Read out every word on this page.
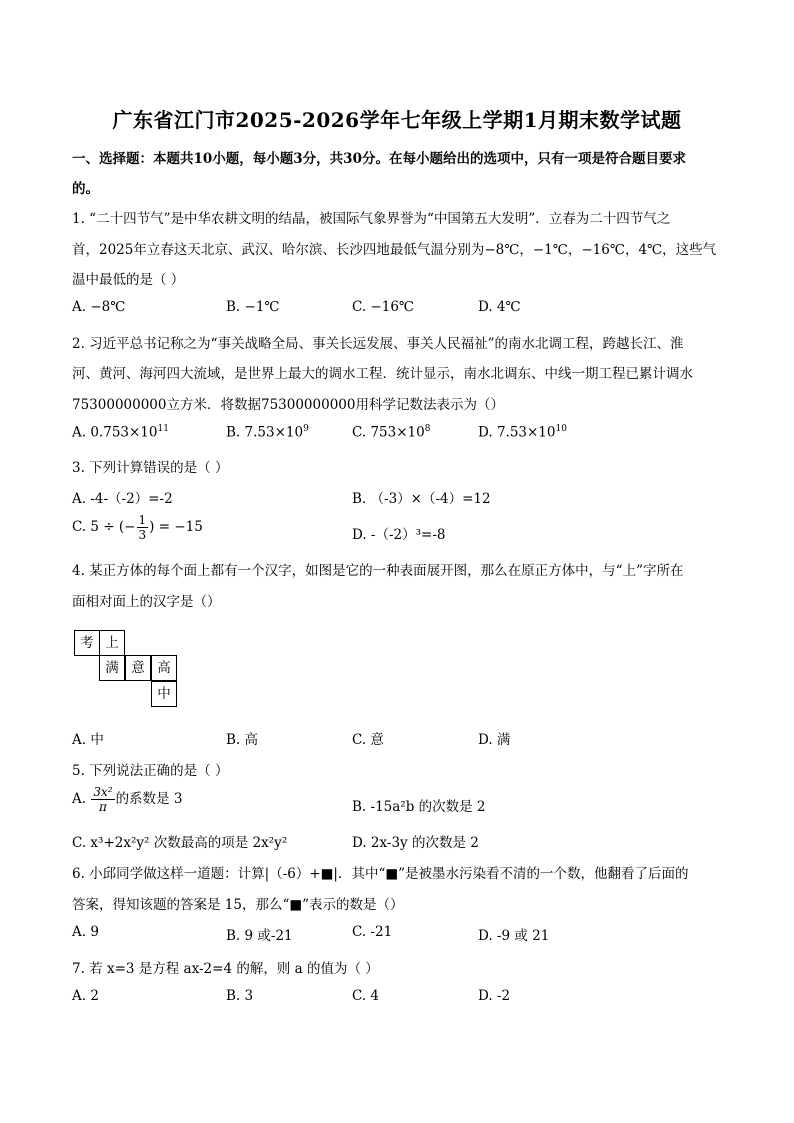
广东省江门市2025-2026学年七年级上学期1月期末数学试题
一、选择题：本题共10小题，每小题3分，共30分。在每小题给出的选项中，只有一项是符合题目要求
的。
1. “二十四节气”是中华农耕文明的结晶，被国际气象界誉为“中国第五大发明”．立春为二十四节气之
首，2025年立春这天北京、武汉、哈尔滨、长沙四地最低气温分别为−8℃，−1℃，−16℃，4℃，这些气
温中最低的是（ ）
A. −8℃	B. −1℃	C. −16℃	D. 4℃
2. 习近平总书记称之为“事关战略全局、事关长远发展、事关人民福祉”的南水北调工程，跨越长江、淮
河、黄河、海河四大流域，是世界上最大的调水工程．统计显示，南水北调东、中线一期工程已累计调水
75300000000立方米．将数据75300000000用科学记数法表示为（）
A. $0.753\times 10^{11}$	B. $7.53\times 10^9$	C. $753\times 10^8$	D. $7.53\times 10^{10}$
3. 下列计算错误的是（ ）
A. -4-（-2）=-2	B. （-3）×（-4）=12
C. 5 ÷ (− $\frac{1}{3}$ ) = −15	D. -（-2）³=-8
4. 某正方体的每个面上都有一个汉字，如图是它的一种表面展开图，那么在原正方体中，与“上”字所在
面相对面上的汉字是（）
考 上
满 意 高
中
A. 中	B. 高	C. 意	D. 满
5. 下列说法正确的是（ ）
A. $\frac{\text{3x²}}{\pi}$ 的系数是 3	B. -15a²b 的次数是 2
C. x³+2x²y² 次数最高的项是 2x²y²	D. 2x-3y 的次数是 2
6. 小邱同学做这样一道题：计算|（-6）+■|．其中“■”是被墨水污染看不清的一个数，他翻看了后面的
答案，得知该题的答案是 15，那么“■”表示的数是（）
A. 9	B. 9 或-21	C. -21	D. -9 或 21
7. 若 x=3 是方程 ax-2=4 的解，则 a 的值为（ ）
A. 2	B. 3	C. 4	D. -2
